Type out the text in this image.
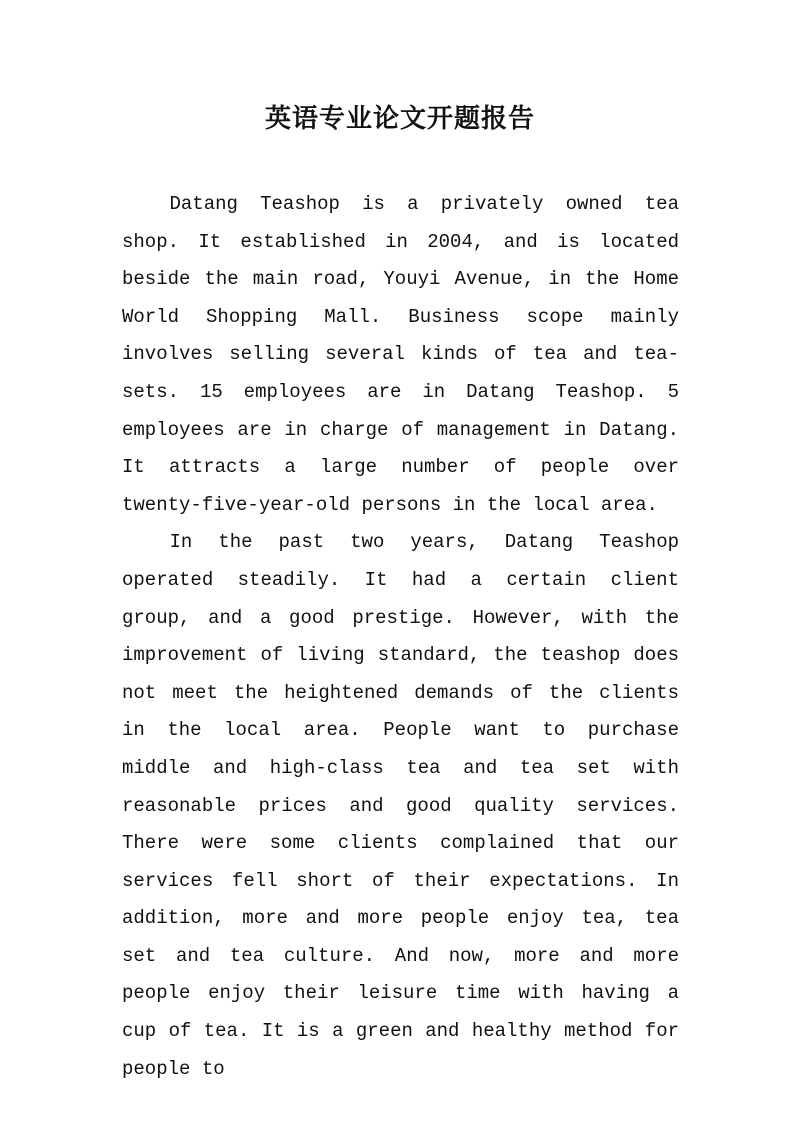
英语专业论文开题报告

Datang Teashop is a privately owned tea shop. It established in 2004, and is located beside the main road, Youyi Avenue, in the Home World Shopping Mall. Business scope mainly involves selling several kinds of tea and tea-sets. 15 employees are in Datang Teashop. 5 employees are in charge of management in Datang. It attracts a large number of people over twenty-five-year-old persons in the local area.

In the past two years, Datang Teashop operated steadily. It had a certain client group, and a good prestige. However, with the improvement of living standard, the teashop does not meet the heightened demands of the clients in the local area. People want to purchase middle and high-class tea and tea set with reasonable prices and good quality services. There were some clients complained that our services fell short of their expectations. In addition, more and more people enjoy tea, tea set and tea culture. And now, more and more people enjoy their leisure time with having a cup of tea. It is a green and healthy method for people to
